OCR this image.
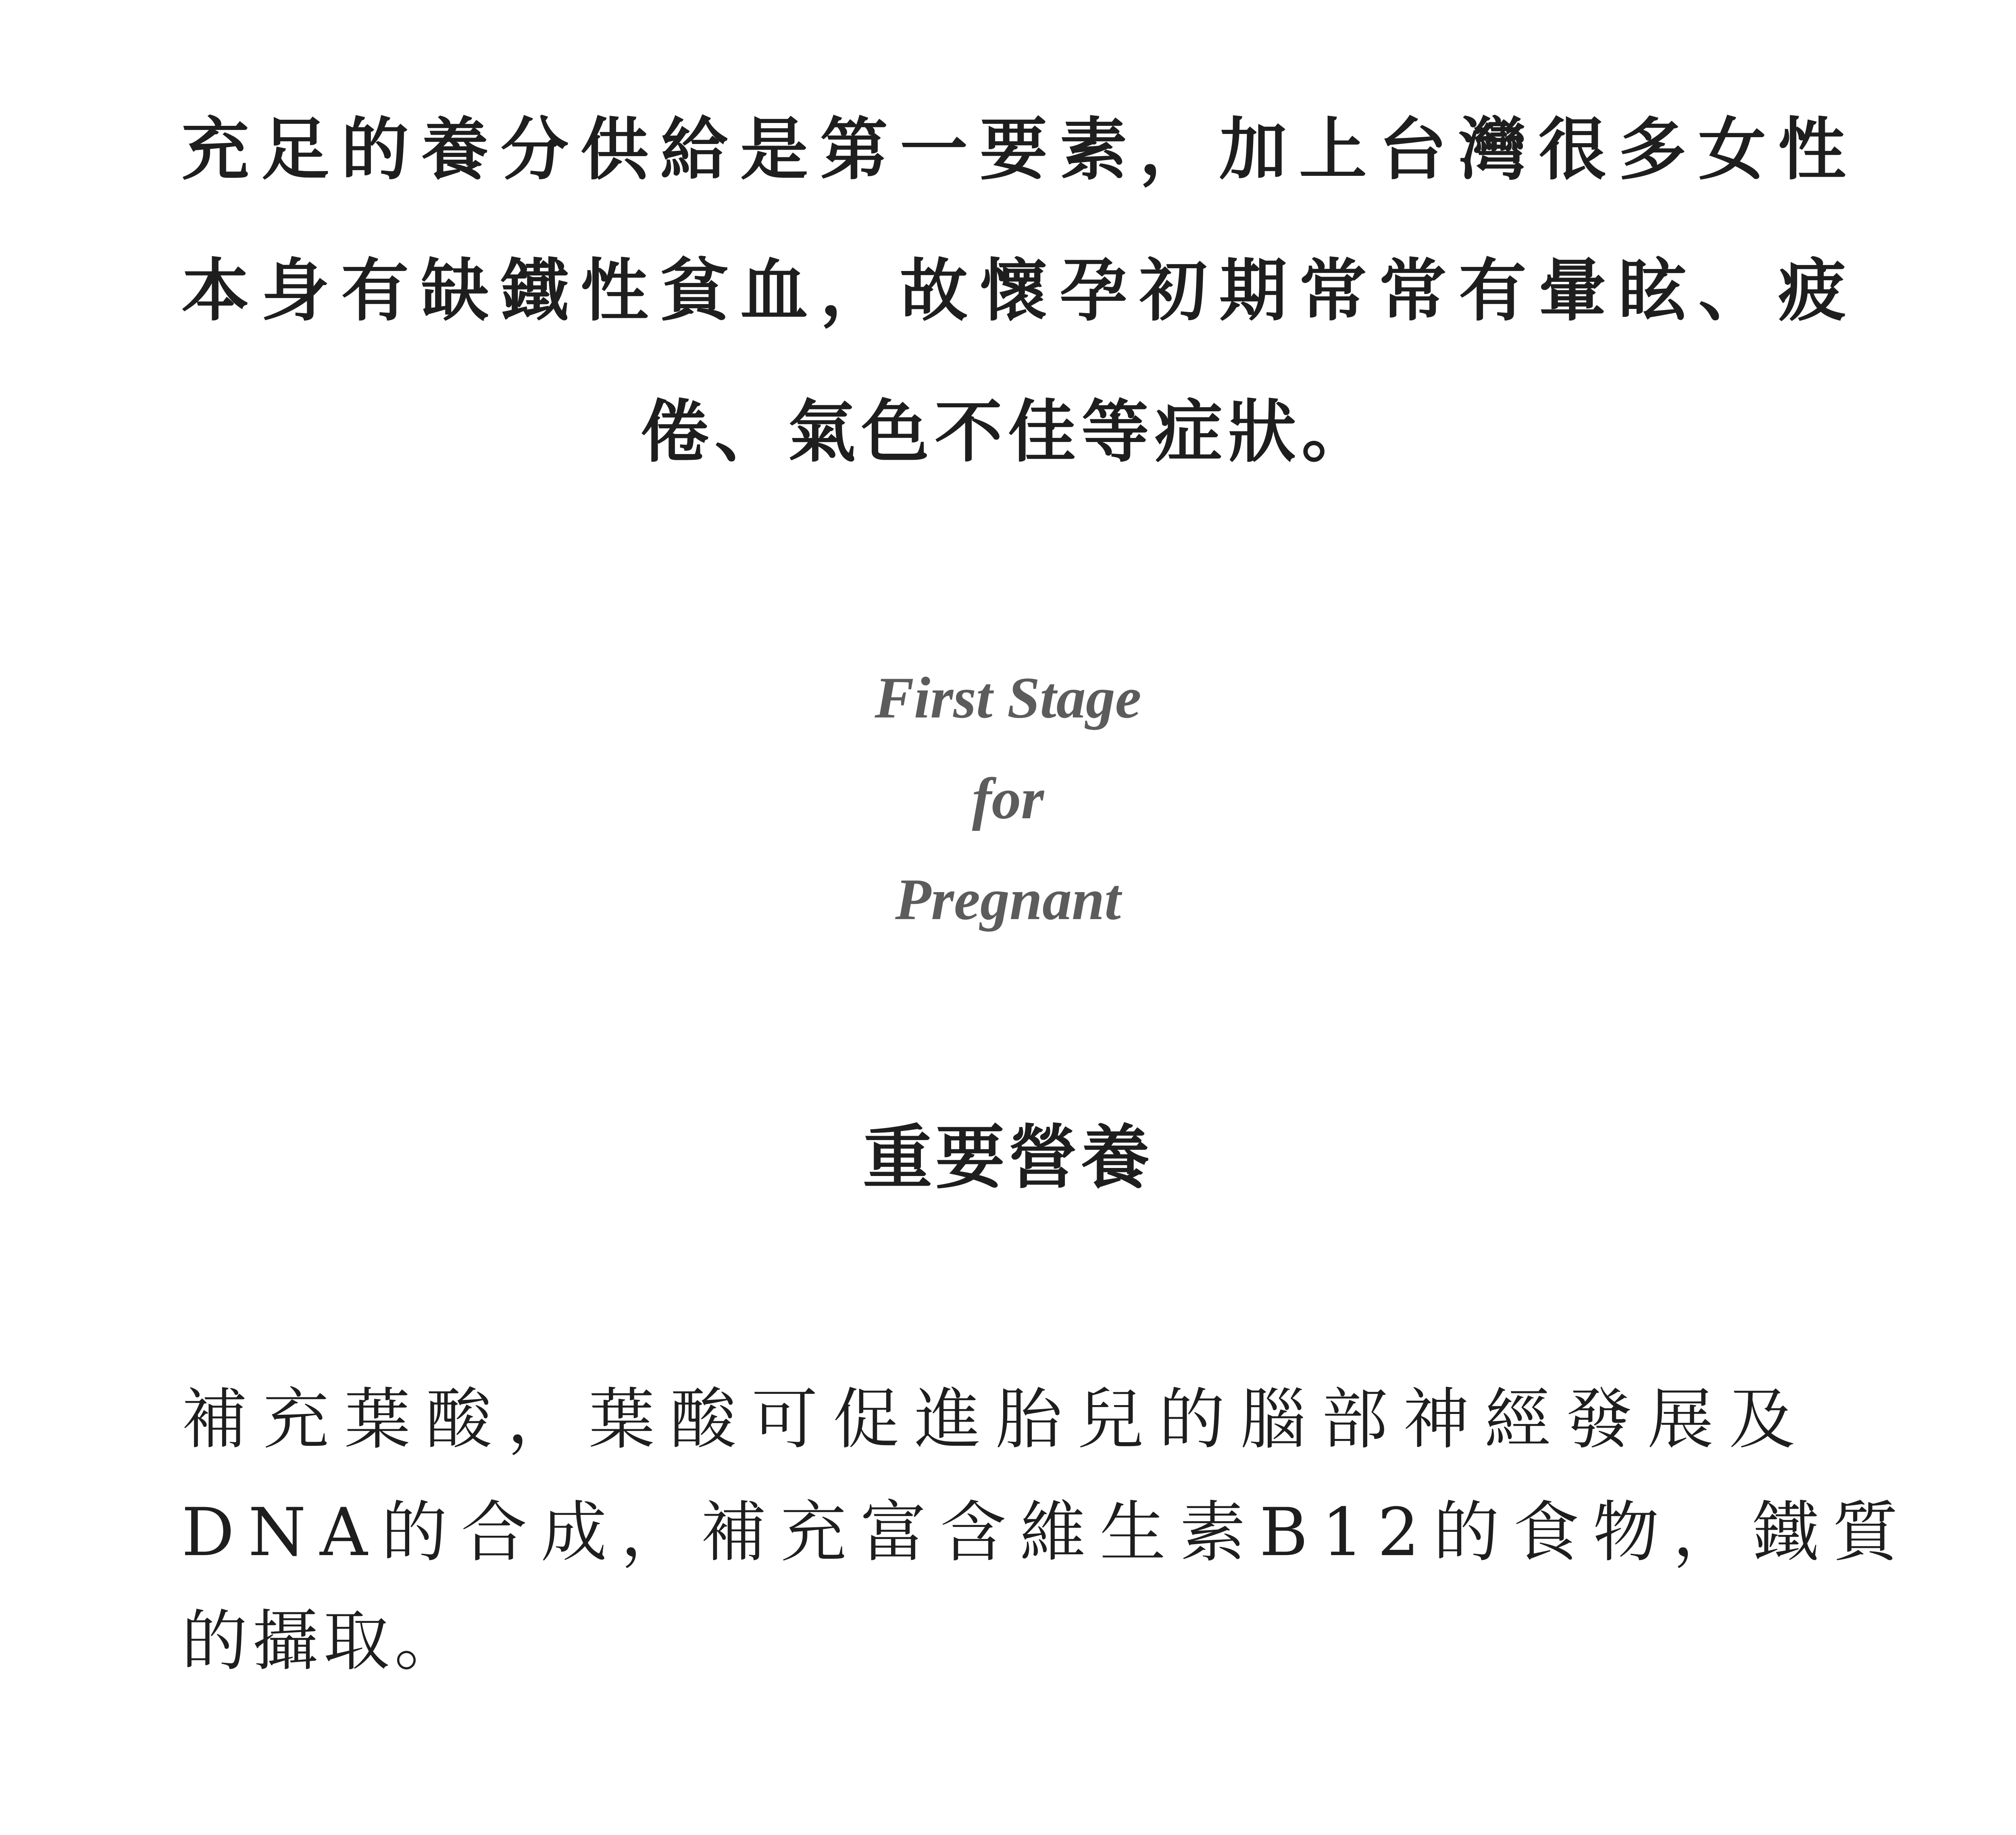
充足的養分供給是第一要素，加上台灣很多女性
本身有缺鐵性貧血，故懷孕初期常常有暈眩、疲
倦、氣色不佳等症狀。
First Stage
for
Pregnant
重要營養
補充葉酸，葉酸可促進胎兒的腦部神經發展及
DNA的合成，補充富含維生素B12的食物，鐵質
的攝取。
